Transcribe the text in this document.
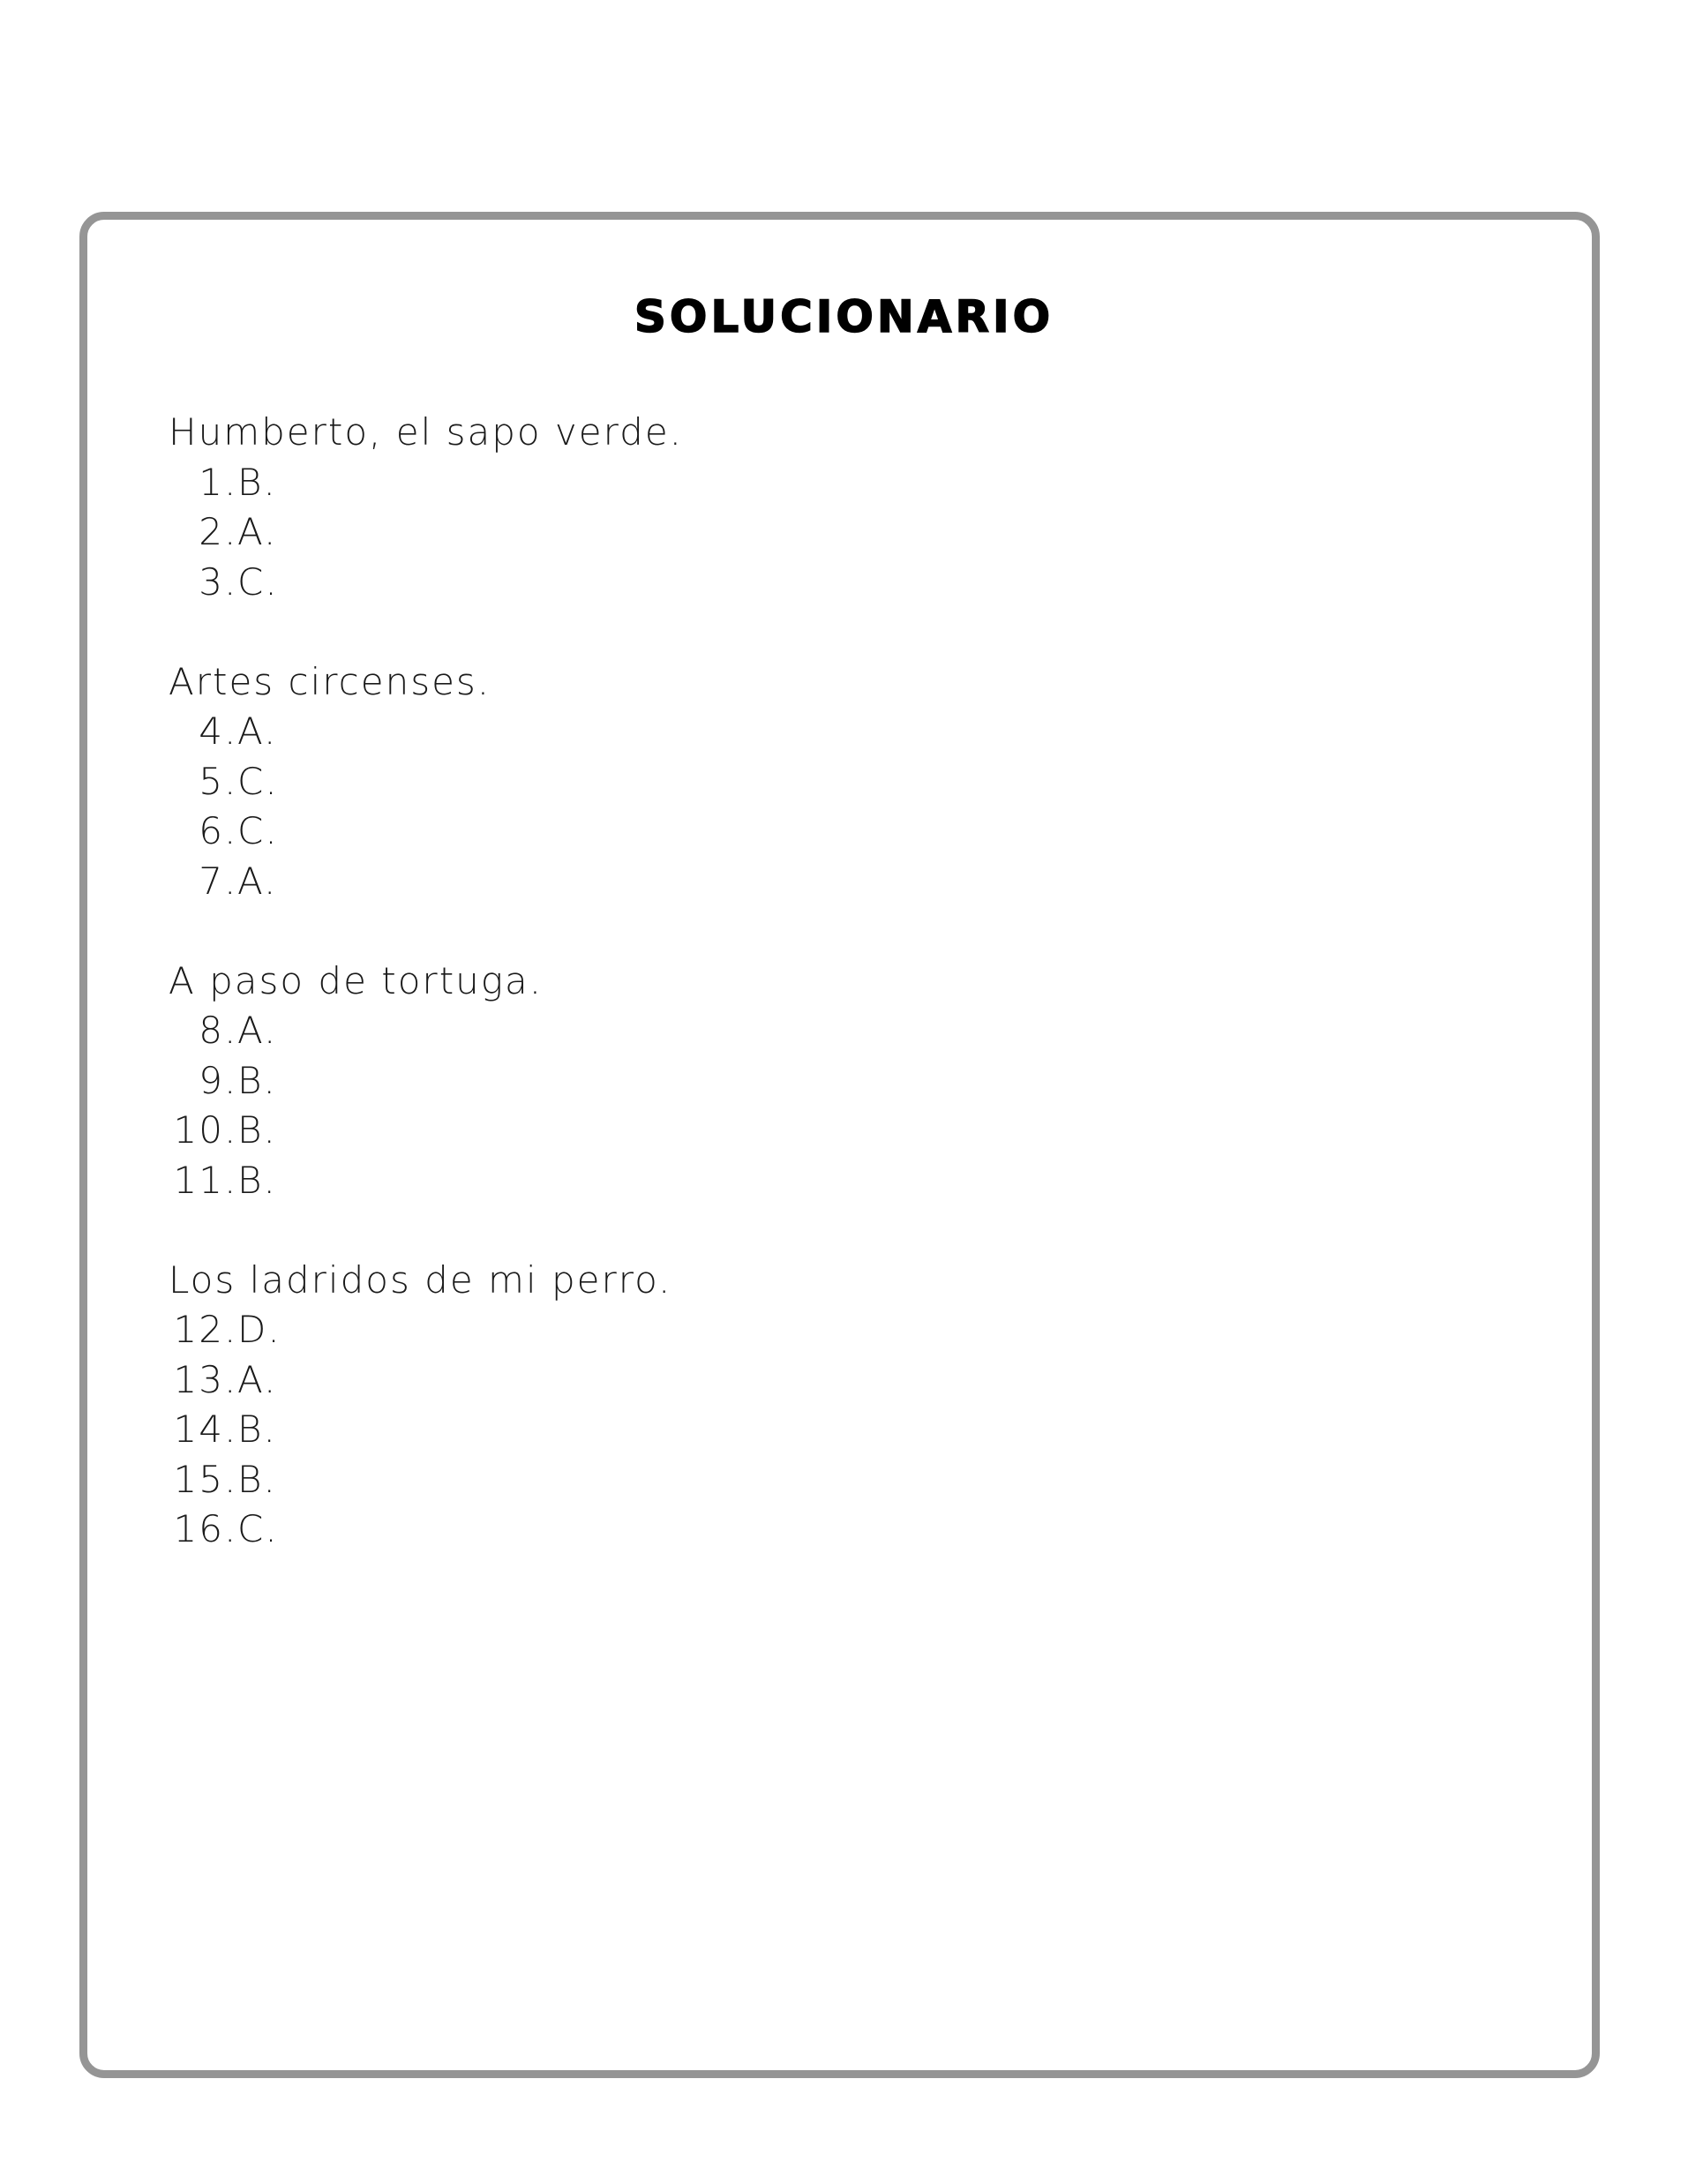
SOLUCIONARIO
Humberto, el sapo verde.
1 . B.
2 . A.
3 . C.
Artes circenses.
4 . A.
5 . C.
6 . C.
7 . A.
A paso de tortuga.
8 . A.
9 . B.
10 . B.
11 . B.
Los ladridos de mi perro.
12 . D.
13 . A.
14 . B.
15 . B.
16 . C.
